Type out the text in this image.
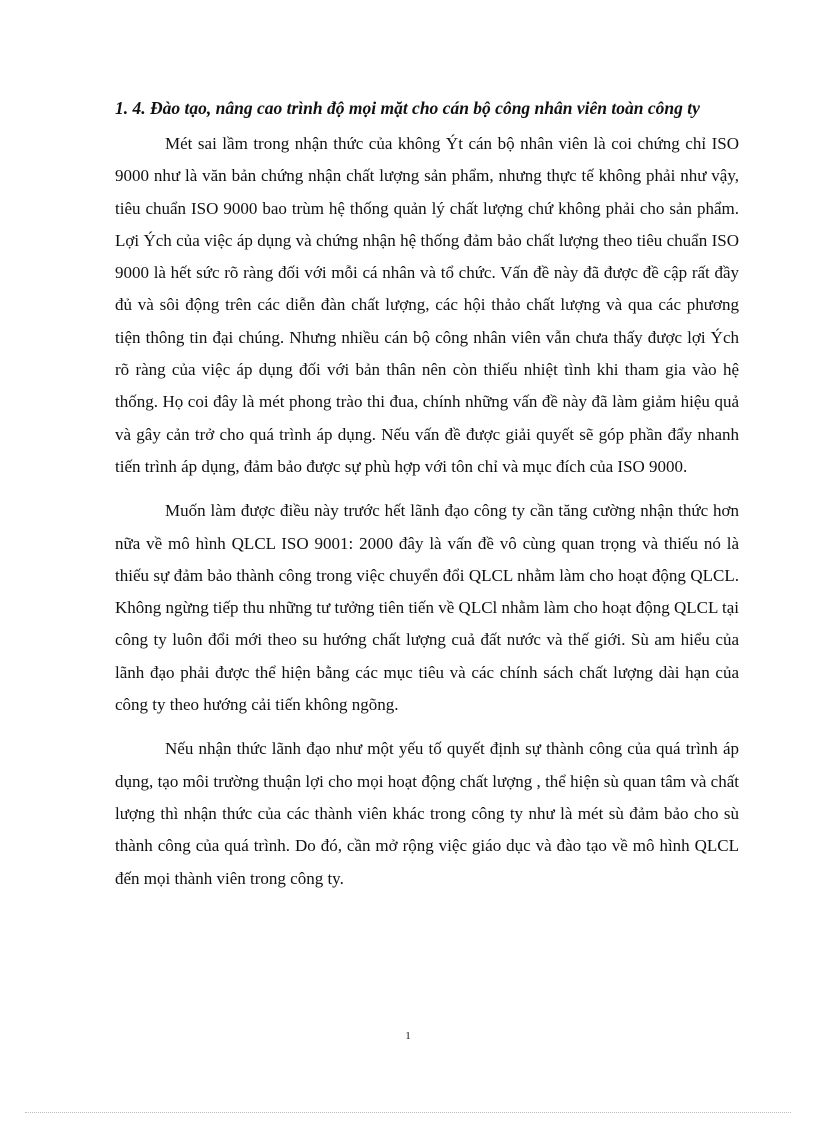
1. 4. Đào tạo, nâng cao trình độ mọi mặt cho cán bộ công nhân viên toàn công ty

Mét sai lầm trong nhận thức của không Ýt cán bộ nhân viên là coi chứng chỉ ISO 9000 như là văn bản chứng nhận chất lượng sản phẩm, nhưng thực tế không phải như vậy, tiêu chuẩn ISO 9000 bao trùm hệ thống quản lý chất lượng chứ không phải cho sản phẩm. Lợi Ých của việc áp dụng và chứng nhận hệ thống đảm bảo chất lượng theo tiêu chuẩn ISO 9000 là hết sức rõ ràng đối với mỗi cá nhân và tổ chức. Vấn đề này đã được đề cập rất đầy đủ và sôi động trên các diễn đàn chất lượng, các hội thảo chất lượng và qua các phương tiện thông tin đại chúng. Nhưng nhiều cán bộ công nhân viên vẫn chưa thấy được lợi Ých rõ ràng của việc áp dụng đối với bản thân nên còn thiếu nhiệt tình khi tham gia vào hệ thống. Họ coi đây là mét phong trào thi đua, chính những vấn đề này đã làm giảm hiệu quả và gây cản trở cho quá trình áp dụng. Nếu vấn đề được giải quyết sẽ góp phần đẩy nhanh tiến trình áp dụng, đảm bảo được sự phù hợp với tôn chỉ và mục đích của ISO 9000.

Muốn làm được điều này trước hết lãnh đạo công ty cần tăng cường nhận thức hơn nữa về mô hình QLCL ISO 9001: 2000 đây là vấn đề vô cùng quan trọng và thiếu nó là thiếu sự đảm bảo thành công trong việc chuyển đổi QLCL nhằm làm cho hoạt động QLCL. Không ngừng tiếp thu những tư tưởng tiên tiến về QLCl nhằm làm cho hoạt động QLCL tại công ty luôn đổi mới theo su hướng chất lượng cuả đất nước và thế giới. Sù am hiểu của lãnh đạo phải được thể hiện bằng các mục tiêu và các chính sách chất lượng dài hạn của công ty theo hướng cải tiến không ngõng.

Nếu nhận thức lãnh đạo như một yếu tố quyết định sự thành công của quá trình áp dụng, tạo môi trường thuận lợi cho mọi hoạt động chất lượng , thể hiện sù quan tâm và chất lượng thì nhận thức của các thành viên khác trong công ty như là mét sù đảm bảo cho sù thành công của quá trình. Do đó, cần mở rộng việc giáo dục và đào tạo về mô hình QLCL đến mọi thành viên trong công ty.

1
